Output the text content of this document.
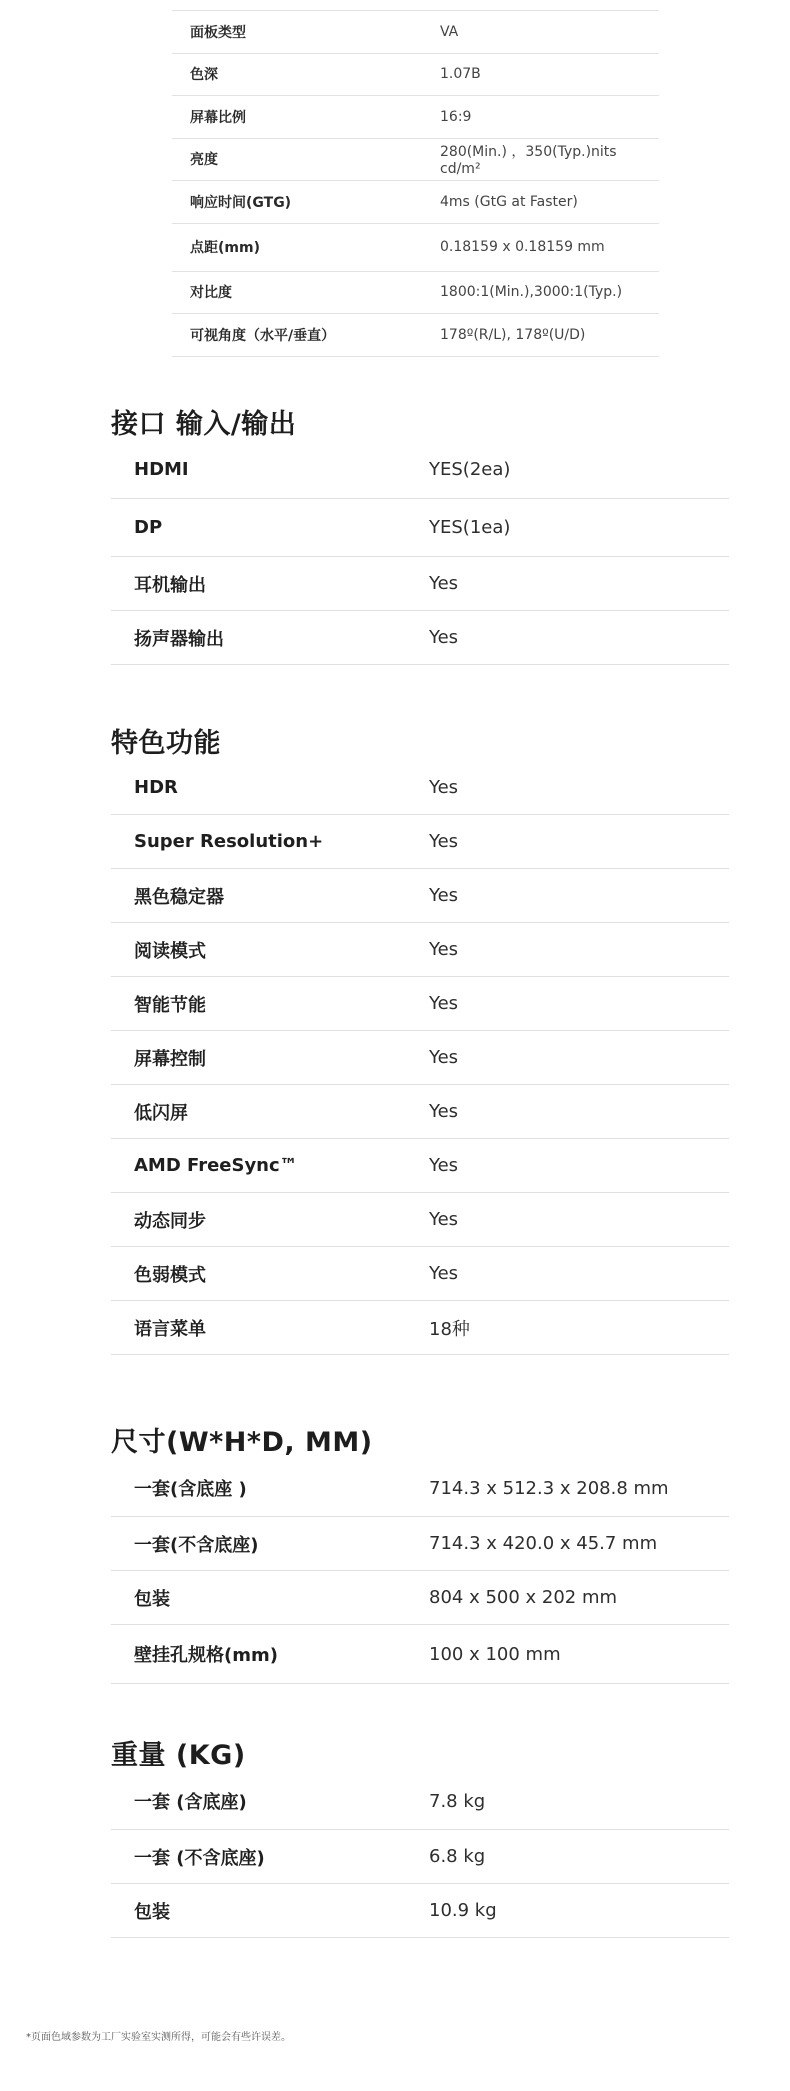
面板类型	VA
色深	1.07B
屏幕比例	16:9
亮度	280(Min.) ，350(Typ.)nits cd/m²
响应时间(GTG)	4ms (GtG at Faster)
点距(mm)	0.18159 x 0.18159 mm
对比度	1800:1(Min.),3000:1(Typ.)
可视角度（水平/垂直）	178º(R/L), 178º(U/D)
接口 输入/输出
HDMI	YES(2ea)
DP	YES(1ea)
耳机输出	Yes
扬声器输出	Yes
特色功能
HDR	Yes
Super Resolution+	Yes
黑色稳定器	Yes
阅读模式	Yes
智能节能	Yes
屏幕控制	Yes
低闪屏	Yes
AMD FreeSync™	Yes
动态同步	Yes
色弱模式	Yes
语言菜单	18种
尺寸(W*H*D, MM)
一套(含底座 )	714.3 x 512.3 x 208.8 mm
一套(不含底座)	714.3 x 420.0 x 45.7 mm
包装	804 x 500 x 202 mm
壁挂孔规格(mm)	100 x 100 mm
重量 (KG)
一套 (含底座)	7.8 kg
一套 (不含底座)	6.8 kg
包装	10.9 kg
*页面色域参数为工厂实验室实测所得，可能会有些许误差。
